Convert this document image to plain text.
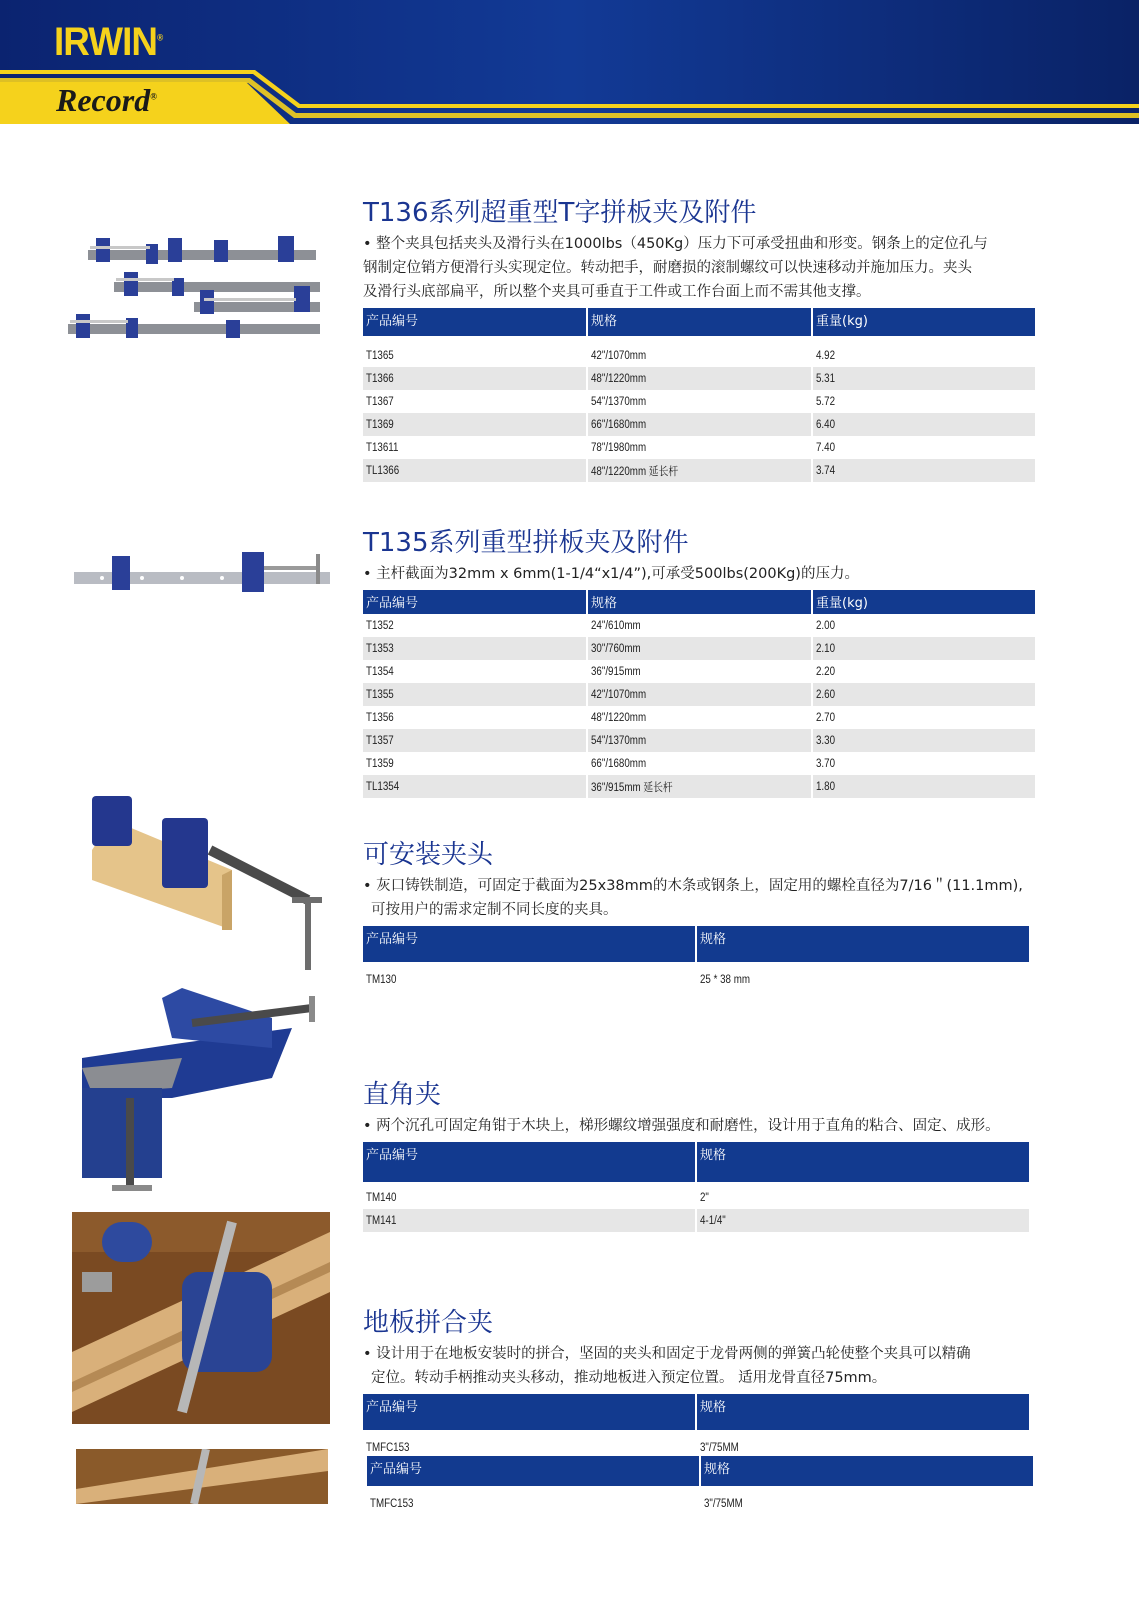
IRWIN®
Record®
T136系列超重型T字拼板夹及附件
• 整个夹具包括夹头及滑行头在1000lbs（450Kg）压力下可承受扭曲和形变。钢条上的定位孔与
钢制定位销方便滑行头实现定位。转动把手，耐磨损的滚制螺纹可以快速移动并施加压力。夹头
及滑行头底部扁平，所以整个夹具可垂直于工件或工作台面上而不需其他支撑。
产品编号	规格	重量(kg)

T1365	42"/1070mm	4.92
T1366	48"/1220mm	5.31
T1367	54"/1370mm	5.72
T1369	66"/1680mm	6.40
T13611	78"/1980mm	7.40
TL1366	48"/1220mm 延长杆	3.74
T135系列重型拼板夹及附件
• 主杆截面为32mm x 6mm(1-1/4“x1/4”),可承受500lbs(200Kg)的压力。
产品编号	规格	重量(kg)
T1352	24"/610mm	2.00
T1353	30"/760mm	2.10
T1354	36"/915mm	2.20
T1355	42"/1070mm	2.60
T1356	48"/1220mm	2.70
T1357	54"/1370mm	3.30
T1359	66"/1680mm	3.70
TL1354	36"/915mm 延长杆	1.80
可安装夹头
• 灰口铸铁制造，可固定于截面为25x38mm的木条或钢条上，固定用的螺栓直径为7/16＂(11.1mm),
可按用户的需求定制不同长度的夹具。
产品编号	规格

TM130	25 * 38 mm
直角夹
• 两个沉孔可固定角钳于木块上，梯形螺纹增强强度和耐磨性，设计用于直角的粘合、固定、成形。
产品编号	规格

TM140	2"
TM141	4-1/4"
地板拼合夹
• 设计用于在地板安装时的拼合，坚固的夹头和固定于龙骨两侧的弹簧凸轮使整个夹具可以精确
定位。转动手柄推动夹头移动，推动地板进入预定位置。 适用龙骨直径75mm。
产品编号	规格

TMFC153	3"/75MM
产品编号	规格

TMFC153	3"/75MM
